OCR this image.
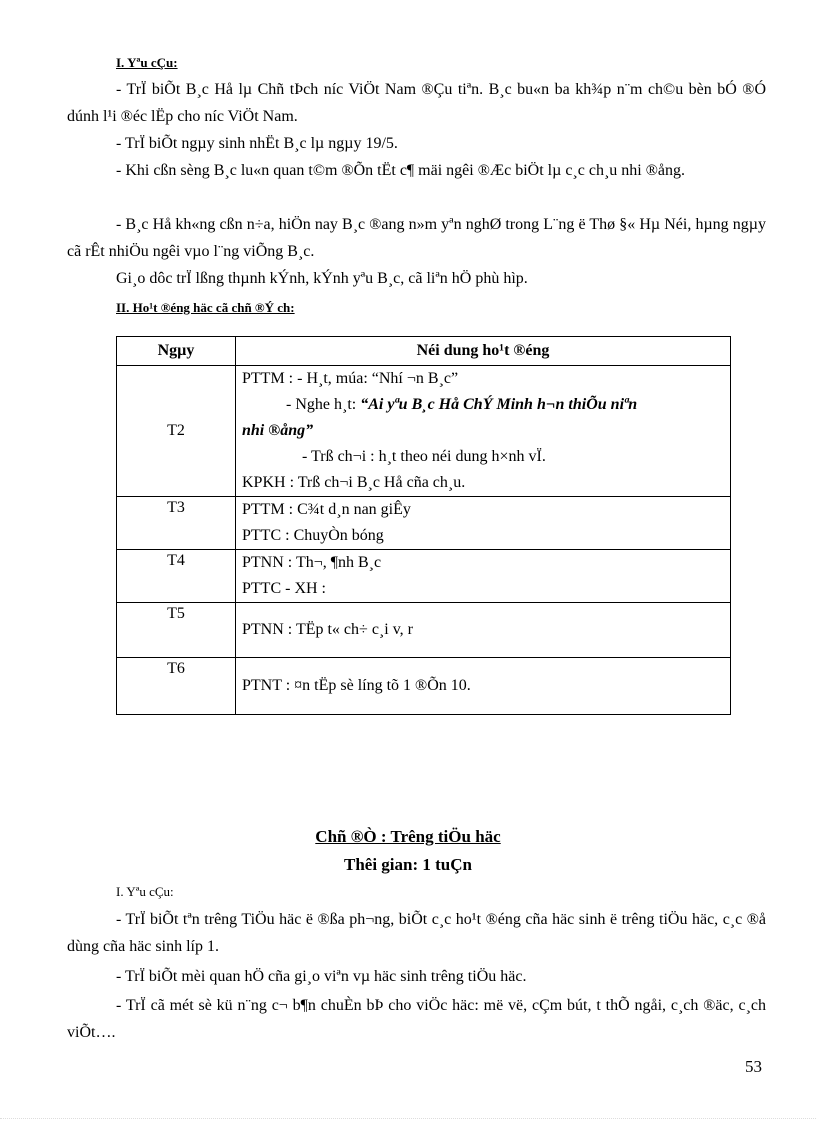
I. Yªu cÇu:
- TrÏ biÕt B¸c Hå lµ Chñ tÞch níc ViÖt Nam ®Çu tiªn. B¸c bu«n ba kh¾p n¨m ch©u bèn bÓ ®Ó dúnh l¹i ®éc lËp cho níc ViÖt Nam.
- TrÏ biÕt ngµy sinh nhËt B¸c lµ ngµy 19/5.
- Khi cßn sèng B¸c lu«n quan t©m ®Õn tËt c¶ mäi ngêi ®Æc biÖt lµ c¸c ch¸u nhi ®ång.
- B¸c Hå kh«ng cßn n÷a, hiÖn nay B¸c ®ang n»m yªn nghØ trong L¨ng ë Thø §« Hµ Néi, hµng ngµy cã rÊt nhiÖu ngêi vµo l¨ng viÕng B¸c.
Gi¸o dôc trÏ lßng thµnh kÝnh, kÝnh yªu B¸c, cã liªn hÖ phù hìp.
II. Ho¹t ®éng häc cã chñ ®Ý ch:
Ngµy	Néi dung ho¹t ®éng
T2	PTTM : - H¸t, múa: “Nhí ¬n B¸c”
- Nghe h¸t: “Ai yªu B¸c Hå ChÝ Minh h¬n thiÕu niªn
nhi ®ång”
- Trß ch¬i : h¸t theo néi dung h×nh vÏ.
KPKH : Trß ch¬i B¸c Hå cña ch¸u.

T3	PTTM : C¾t d¸n nan giÊy
PTTC : ChuyÒn bóng

T4	PTNN : Th¬, ¶nh B¸c
PTTC - XH :

T5	PTNN : TËp t« ch÷ c¸i v, r

T6	PTNT : ¤n tËp sè líng tõ 1 ®Õn 10.
Chñ ®Ò : Trêng tiÖu häc
Thêi gian: 1 tuÇn
I. Yªu cÇu:
- TrÏ biÕt tªn trêng TiÖu häc ë ®ßa ph¬ng, biÕt c¸c ho¹t ®éng cña häc sinh ë trêng tiÖu häc, c¸c ®å dùng cña häc sinh líp 1.
- TrÏ biÕt mèi quan hÖ cña gi¸o viªn vµ häc sinh trêng tiÖu häc.
- TrÏ cã mét sè kü n¨ng c¬ b¶n chuÈn bÞ cho viÖc häc: më vë, cÇm bút, t thÕ ngåi, c¸ch ®äc, c¸ch viÕt….
53
